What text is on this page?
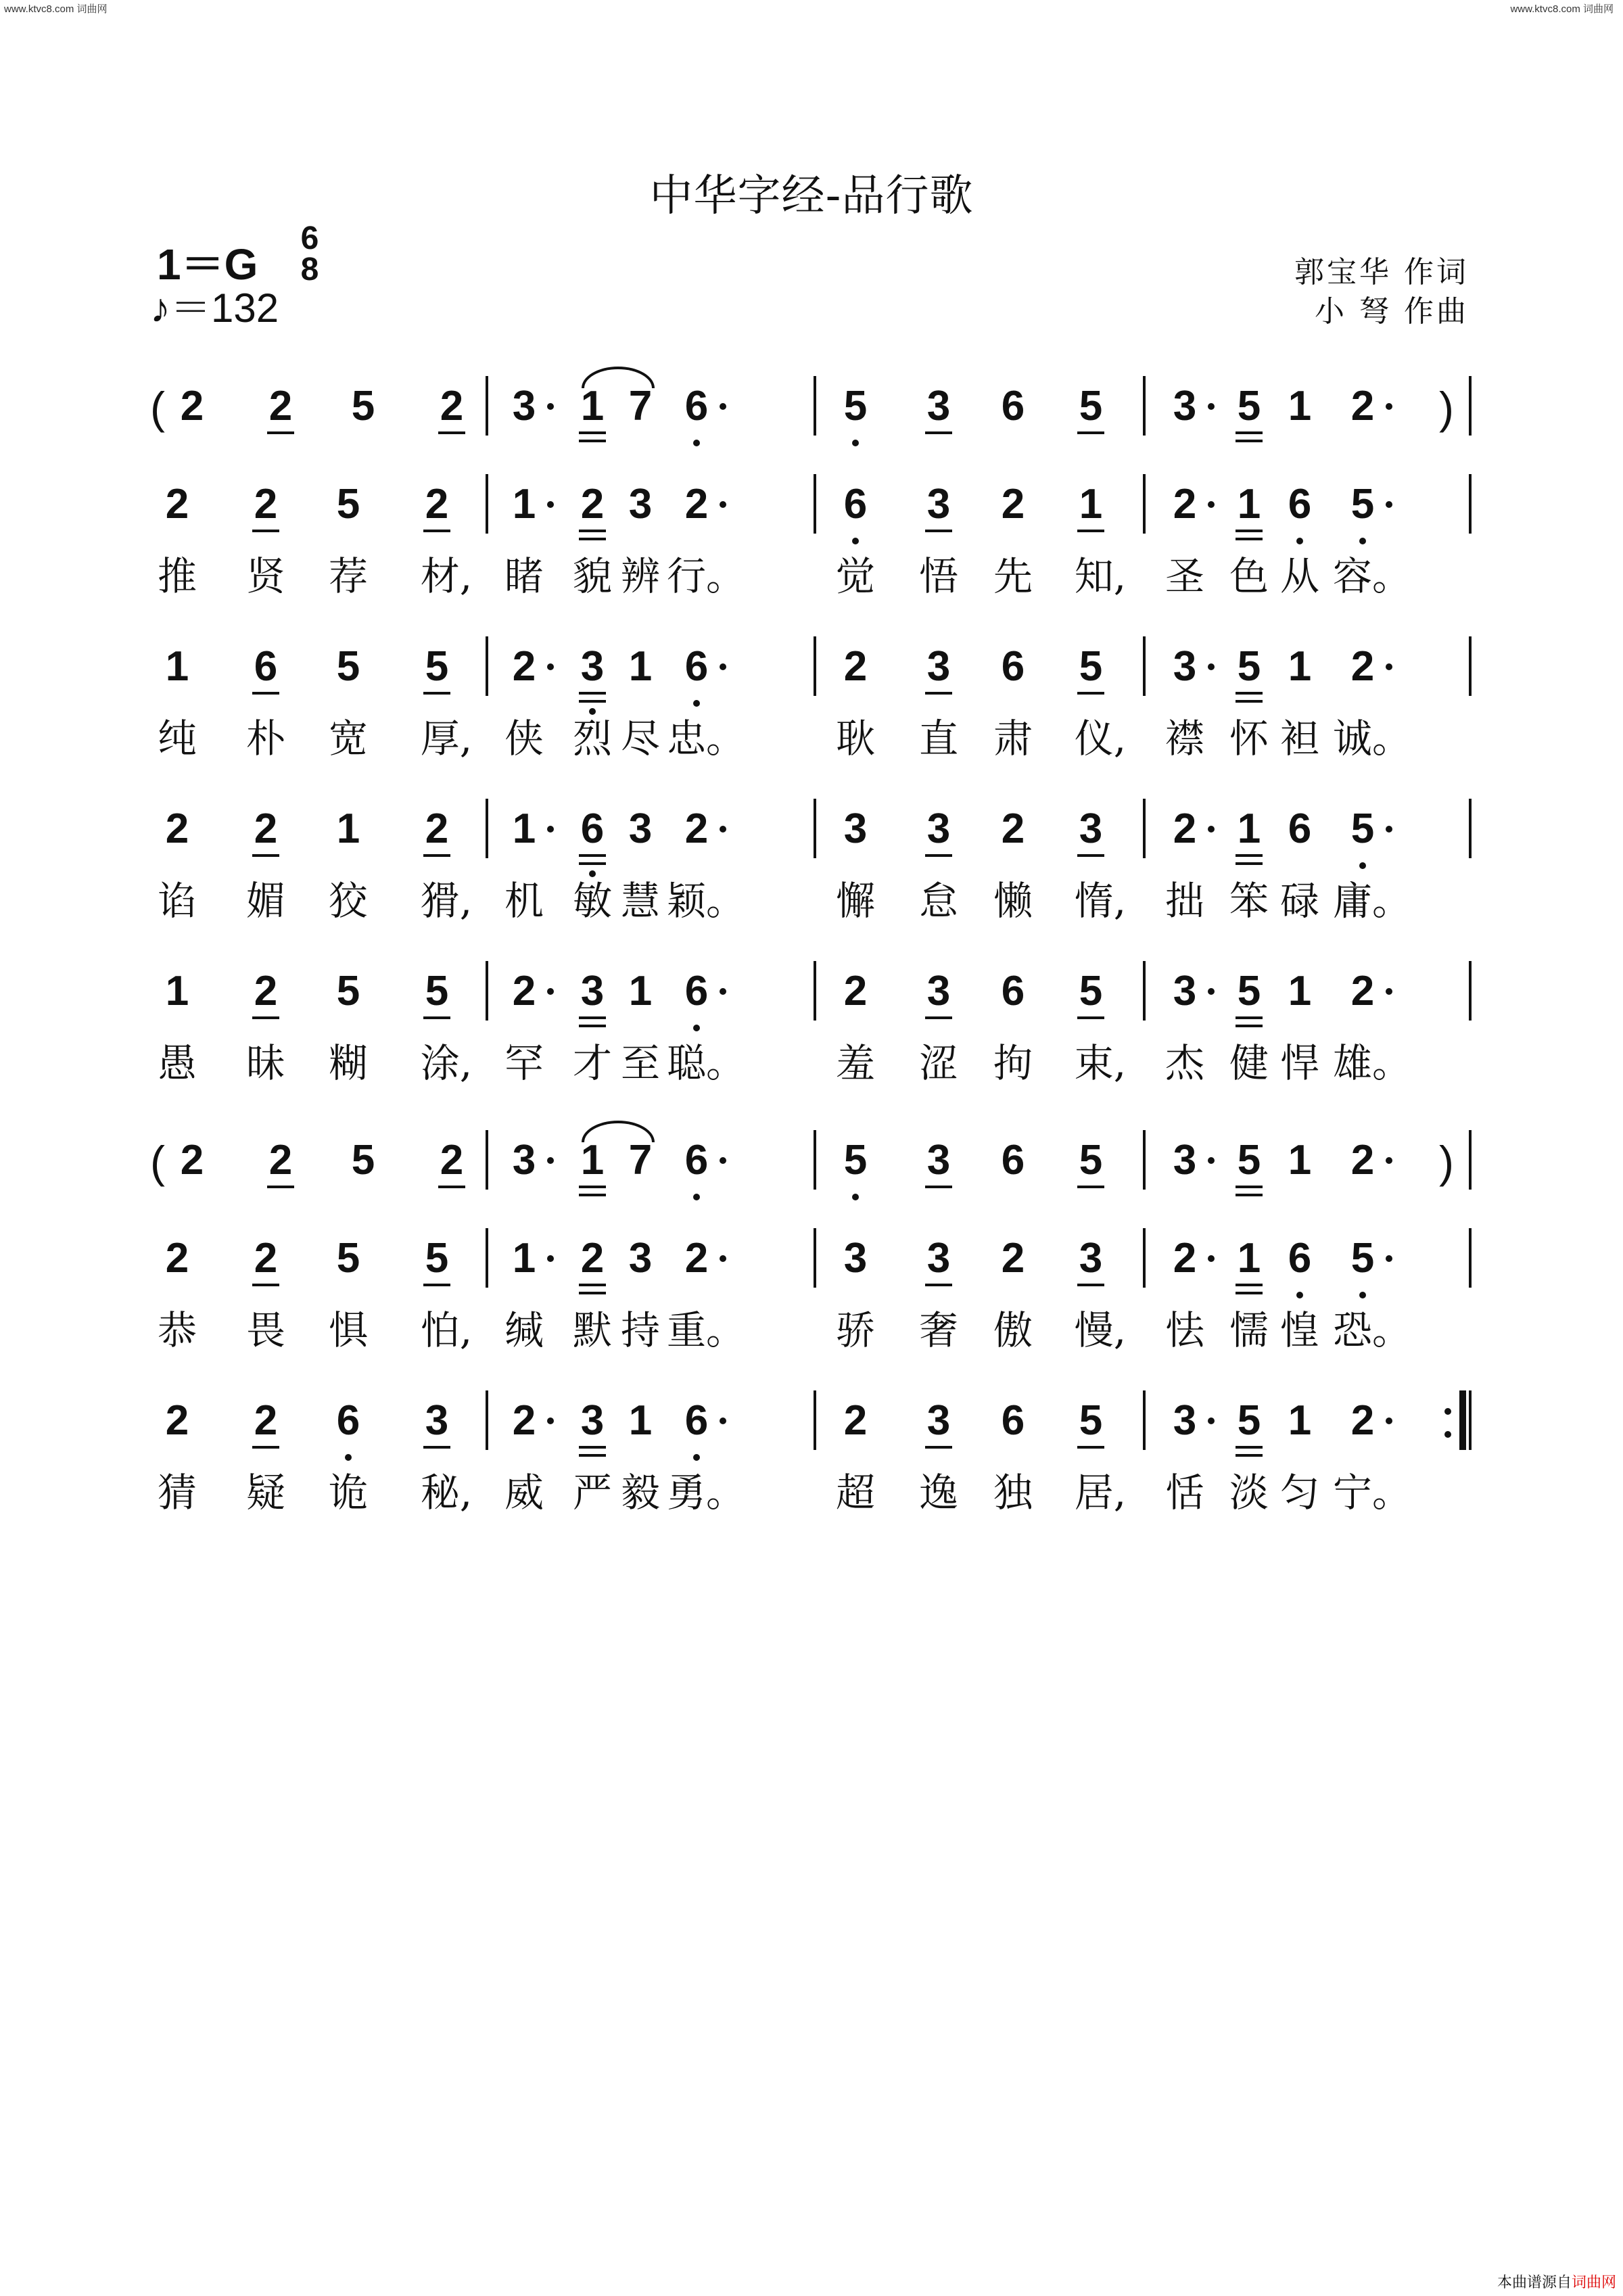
www.ktvc8.com 词曲网	www.ktvc8.com 词曲网
中华字经-品行歌
1＝G
6
8
♪＝132
郭宝华 作词
小 弩 作曲
(	)
2 2 5 2 3 1 7 6	5 3 6 5 3 5 1 2
2 2 5 2 1 2 3 2	6 3 2 1 2 1 6 5
推 贤 荐 材, 睹 貌 辨 行。 觉 悟 先 知, 圣 色 从 容。
1 6 5 5 2 3 1 6	2 3 6 5 3 5 1 2
纯 朴 宽 厚, 侠 烈 尽 忠。 耿 直 肃 仪, 襟 怀 袒 诚。
2 2 1 2 1 6 3 2	3 3 2 3 2 1 6 5
谄 媚 狡 猾, 机 敏 慧 颖。 懈 怠 懒 惰, 拙 笨 碌 庸。
1 2 5 5 2 3 1 6	2 3 6 5 3 5 1 2
愚 昧 糊 涂, 罕 才 至 聪。 羞 涩 拘 束, 杰 健 悍 雄。
(	)
2 2 5 2 3 1 7 6	5 3 6 5 3 5 1 2
2 2 5 5 1 2 3 2	3 3 2 3 2 1 6 5
恭 畏 惧 怕, 缄 默 持 重。 骄 奢 傲 慢, 怯 懦 惶 恐。
2 2 6 3 2 3 1 6	2 3 6 5 3 5 1 2
猜 疑 诡 秘, 威 严 毅 勇。 超 逸 独 居, 恬 淡 匀 宁。
本曲谱源自词曲网
